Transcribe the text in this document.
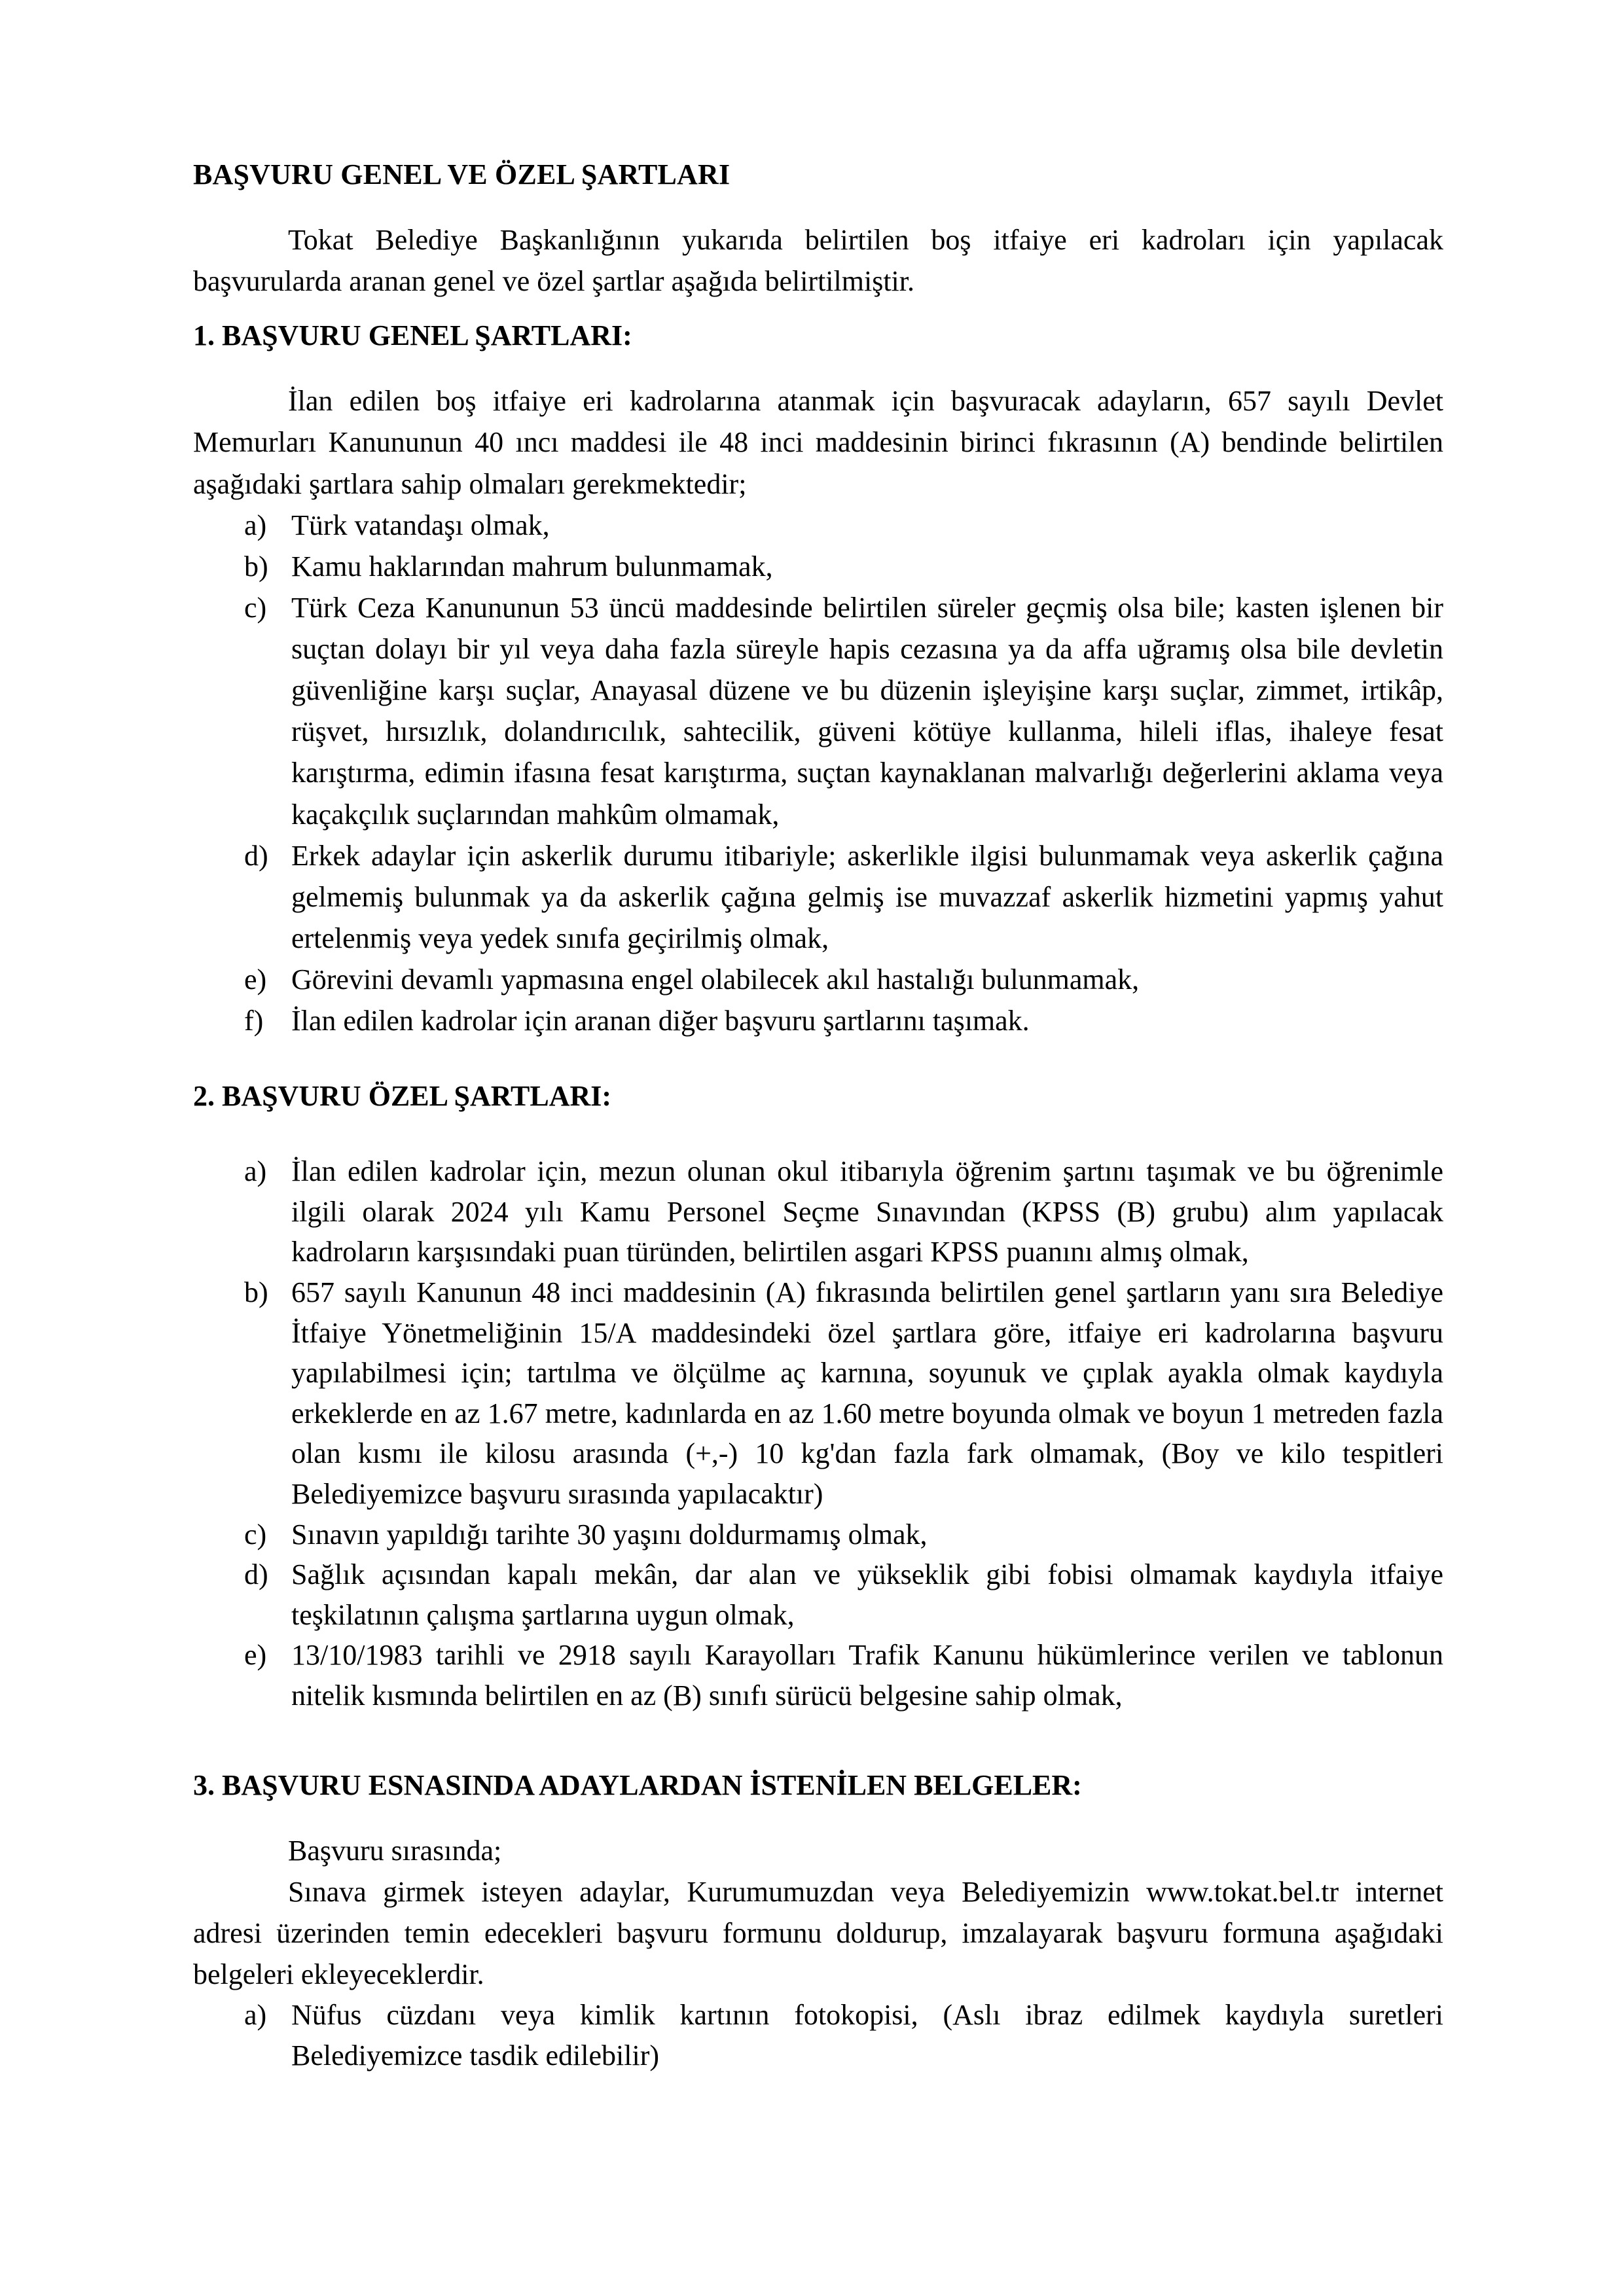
BAŞVURU GENEL VE ÖZEL ŞARTLARI

Tokat Belediye Başkanlığının yukarıda belirtilen boş itfaiye eri kadroları için yapılacak başvurularda aranan genel ve özel şartlar aşağıda belirtilmiştir.

1. BAŞVURU GENEL ŞARTLARI:

İlan edilen boş itfaiye eri kadrolarına atanmak için başvuracak adayların, 657 sayılı Devlet Memurları Kanununun 40 ıncı maddesi ile 48 inci maddesinin birinci fıkrasının (A) bendinde belirtilen aşağıdaki şartlara sahip olmaları gerekmektedir;

a) Türk vatandaşı olmak,
b) Kamu haklarından mahrum bulunmamak,
c) Türk Ceza Kanununun 53 üncü maddesinde belirtilen süreler geçmiş olsa bile; kasten işlenen bir suçtan dolayı bir yıl veya daha fazla süreyle hapis cezasına ya da affa uğramış olsa bile devletin güvenliğine karşı suçlar, Anayasal düzene ve bu düzenin işleyişine karşı suçlar, zimmet, irtikâp, rüşvet, hırsızlık, dolandırıcılık, sahtecilik, güveni kötüye kullanma, hileli iflas, ihaleye fesat karıştırma, edimin ifasına fesat karıştırma, suçtan kaynaklanan malvarlığı değerlerini aklama veya kaçakçılık suçlarından mahkûm olmamak,
d) Erkek adaylar için askerlik durumu itibariyle; askerlikle ilgisi bulunmamak veya askerlik çağına gelmemiş bulunmak ya da askerlik çağına gelmiş ise muvazzaf askerlik hizmetini yapmış yahut ertelenmiş veya yedek sınıfa geçirilmiş olmak,
e) Görevini devamlı yapmasına engel olabilecek akıl hastalığı bulunmamak,
f) İlan edilen kadrolar için aranan diğer başvuru şartlarını taşımak.
2. BAŞVURU ÖZEL ŞARTLARI:
a) İlan edilen kadrolar için, mezun olunan okul itibarıyla öğrenim şartını taşımak ve bu öğrenimle ilgili olarak 2024 yılı Kamu Personel Seçme Sınavından (KPSS (B) grubu) alım yapılacak kadroların karşısındaki puan türünden, belirtilen asgari KPSS puanını almış olmak,
b) 657 sayılı Kanunun 48 inci maddesinin (A) fıkrasında belirtilen genel şartların yanı sıra Belediye İtfaiye Yönetmeliğinin 15/A maddesindeki özel şartlara göre, itfaiye eri kadrolarına başvuru yapılabilmesi için; tartılma ve ölçülme aç karnına, soyunuk ve çıplak ayakla olmak kaydıyla erkeklerde en az 1.67 metre, kadınlarda en az 1.60 metre boyunda olmak ve boyun 1 metreden fazla olan kısmı ile kilosu arasında (+,-) 10 kg'dan fazla fark olmamak, (Boy ve kilo tespitleri Belediyemizce başvuru sırasında yapılacaktır)
c) Sınavın yapıldığı tarihte 30 yaşını doldurmamış olmak,
d) Sağlık açısından kapalı mekân, dar alan ve yükseklik gibi fobisi olmamak kaydıyla itfaiye teşkilatının çalışma şartlarına uygun olmak,
e) 13/10/1983 tarihli ve 2918 sayılı Karayolları Trafik Kanunu hükümlerince verilen ve tablonun nitelik kısmında belirtilen en az (B) sınıfı sürücü belgesine sahip olmak,
3. BAŞVURU ESNASINDA ADAYLARDAN İSTENİLEN BELGELER:

Başvuru sırasında;

Sınava girmek isteyen adaylar, Kurumumuzdan veya Belediyemizin www.tokat.bel.tr internet adresi üzerinden temin edecekleri başvuru formunu doldurup, imzalayarak başvuru formuna aşağıdaki belgeleri ekleyeceklerdir.

a) Nüfus cüzdanı veya kimlik kartının fotokopisi, (Aslı ibraz edilmek kaydıyla suretleri Belediyemizce tasdik edilebilir)
